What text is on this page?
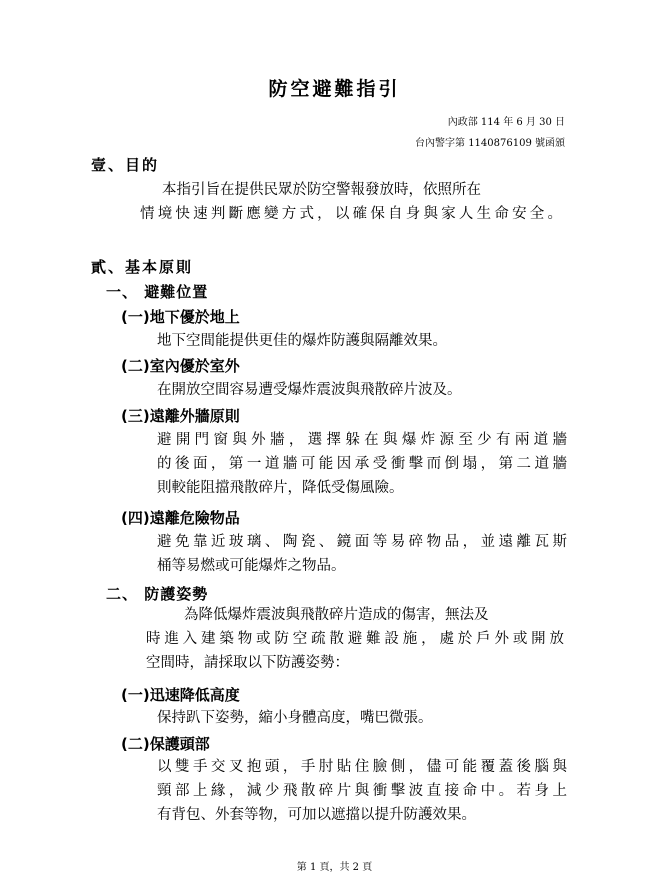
防空避難指引
內政部 114 年 6 月 30 日
台內警字第 1140876109 號函頒
壹、目的
本指引旨在提供民眾於防空警報發放時，依照所在
情境快速判斷應變方式，以確保自身與家人生命安全。
貳、基本原則
一、 避難位置
(一)地下優於地上
地下空間能提供更佳的爆炸防護與隔離效果。
(二)室內優於室外
在開放空間容易遭受爆炸震波與飛散碎片波及。
(三)遠離外牆原則
避開門窗與外牆，選擇躲在與爆炸源至少有兩道牆
的後面，第一道牆可能因承受衝擊而倒塌，第二道牆
則較能阻擋飛散碎片，降低受傷風險。
(四)遠離危險物品
避免靠近玻璃、陶瓷、鏡面等易碎物品，並遠離瓦斯
桶等易燃或可能爆炸之物品。
二、 防護姿勢
為降低爆炸震波與飛散碎片造成的傷害，無法及
時進入建築物或防空疏散避難設施，處於戶外或開放
空間時，請採取以下防護姿勢：
(一)迅速降低高度
保持趴下姿勢，縮小身體高度，嘴巴微張。
(二)保護頭部
以雙手交叉抱頭，手肘貼住臉側，儘可能覆蓋後腦與
頸部上緣，減少飛散碎片與衝擊波直接命中。若身上
有背包、外套等物，可加以遮擋以提升防護效果。
第 1 頁，共 2 頁
